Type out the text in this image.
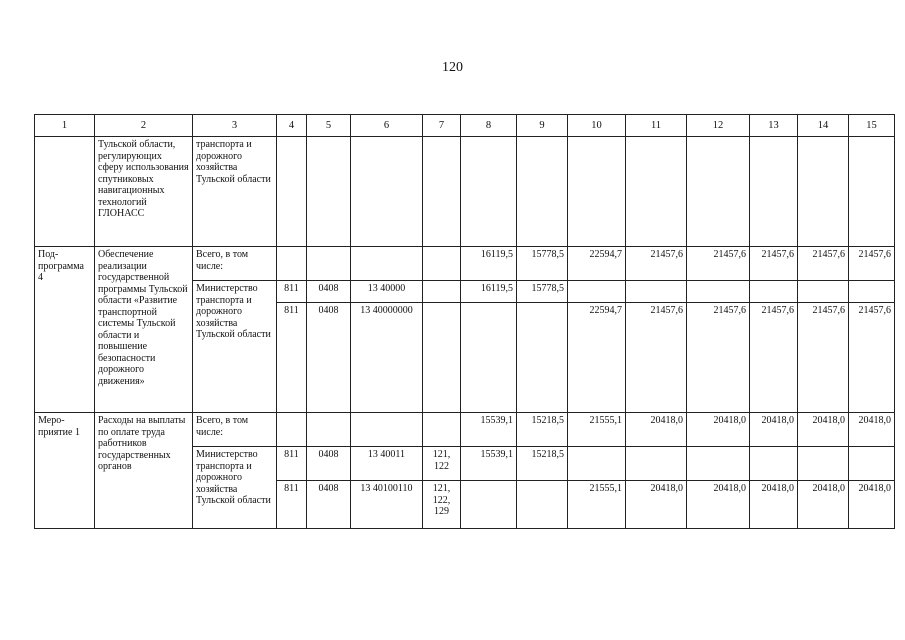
120
1	2	3	4	5	6	7	8	9	10	11	12	13	14	15
	Тульской области, регулирующих сферу использования спутниковых навигационных технологий ГЛОНАСС	транспорта и дорожного хозяйства Тульской области												
Под-программа 4	Обеспечение реализации государственной программы Тульской области «Развитие транспортной системы Тульской области и повышение безопасности дорожного движения»	Всего, в том числе:					16119,5	15778,5	22594,7	21457,6	21457,6	21457,6	21457,6	21457,6
		Министерство транспорта и дорожного хозяйства Тульской области	811	0408	13 40000		16119,5	15778,5						
			811	0408	13 40000000				22594,7	21457,6	21457,6	21457,6	21457,6	21457,6
Меро-приятие 1	Расходы на выплаты по оплате труда работников государственных органов	Всего, в том числе:					15539,1	15218,5	21555,1	20418,0	20418,0	20418,0	20418,0	20418,0
		Министерство транспорта и дорожного хозяйства Тульской области	811	0408	13 40011	121, 122	15539,1	15218,5						
			811	0408	13 40100110	121, 122, 129			21555,1	20418,0	20418,0	20418,0	20418,0	20418,0
